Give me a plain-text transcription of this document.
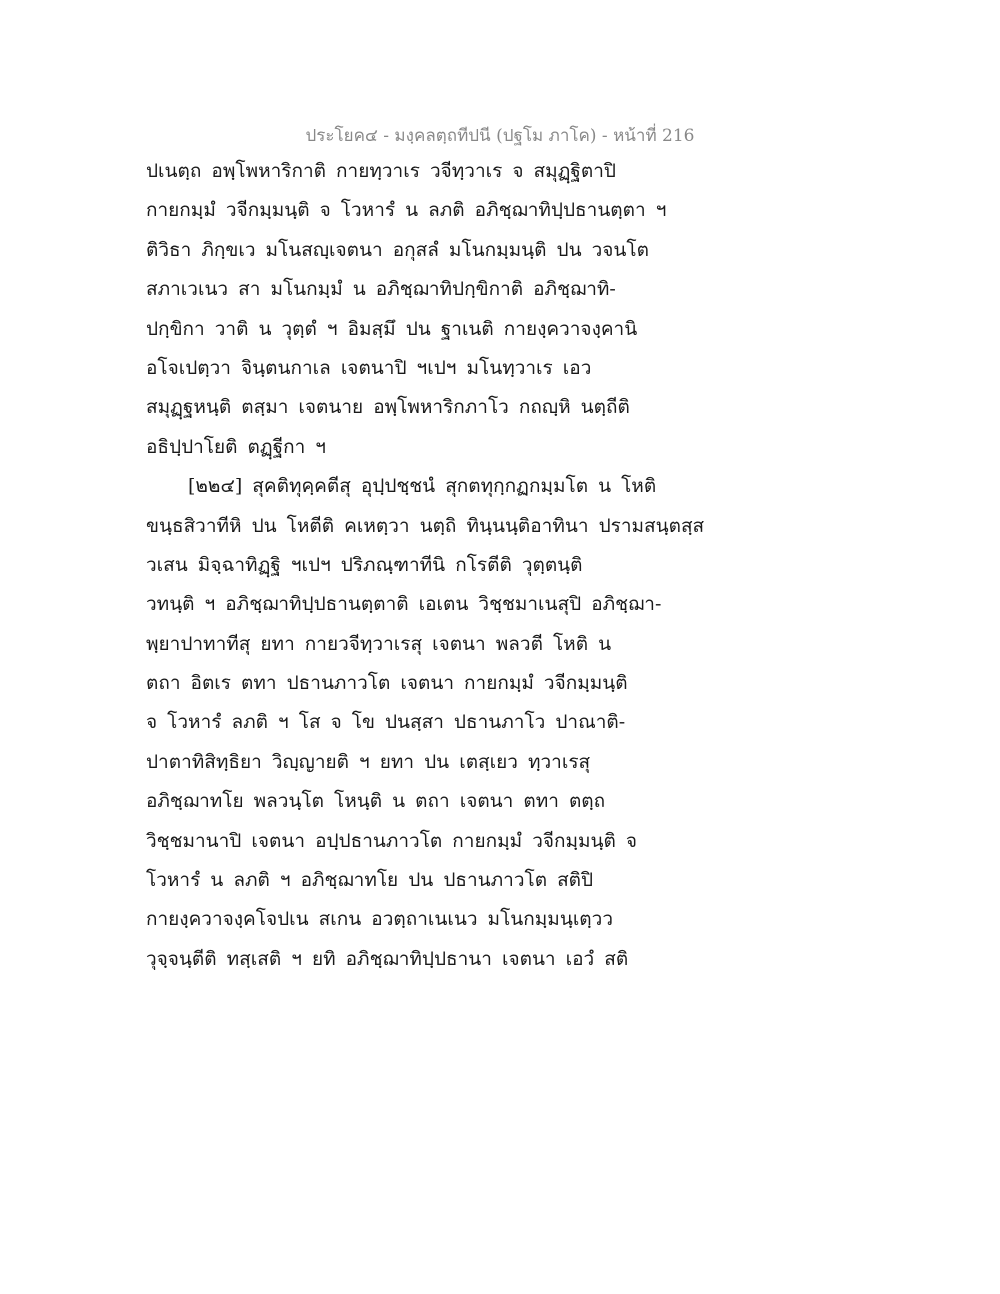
ประโยค๔ - มงฺคลตฺถทีปนี (ปฐโม ภาโค) - หน้าที่ 216
ปเนตฺถ อพฺโพหาริกาติ กายทฺวาเร วจีทฺวาเร จ สมุฏฺฐิตาปิ
กายกมฺมํ วจีกมฺมนฺติ จ โวหารํ น ลภติ อภิชฺฌาทิปฺปธานตฺตา ฯ
ติวิธา ภิกฺขเว มโนสญฺเจตนา อกุสลํ มโนกมฺมนฺติ ปน วจนโต
สภาเวเนว สา มโนกมฺมํ น อภิชฺฌาทิปกฺขิกาติ อภิชฺฌาทิ-
ปกฺขิกา วาติ น วุตฺตํ ฯ อิมสฺมึ ปน ฐาเนติ กายงฺควาจงฺคานิ
อโจเปตฺวา จินฺตนกาเล เจตนาปิ ฯเปฯ มโนทฺวาเร เอว
สมุฏฺฐหนฺติ ตสฺมา เจตนาย อพฺโพหาริกภาโว กถญฺหิ นตฺถีติ
อธิปฺปาโยติ ตฏฺฐีกา ฯ
[๒๒๔] สุคติทุคฺคตีสุ อุปฺปชฺชนํ สุกตทุกฺกฏกมฺมโต น โหติ
ขนฺธสิวาทีหิ ปน โหตีติ คเหตฺวา นตฺถิ ทินฺนนฺติอาทินา ปรามสนฺตสฺส
วเสน มิจฺฉาทิฏฺฐิ ฯเปฯ ปริภณฺฑาทีนิ กโรตีติ วุตฺตนฺติ
วทนฺติ ฯ อภิชฺฌาทิปฺปธานตฺตาติ เอเตน วิชฺชมาเนสุปิ อภิชฺฌา-
พฺยาปาทาทีสุ ยทา กายวจีทฺวาเรสุ เจตนา พลวตี โหติ น
ตถา อิตเร ตทา ปธานภาวโต เจตนา กายกมฺมํ วจีกมฺมนฺติ
จ โวหารํ ลภติ ฯ โส จ โข ปนสฺสา ปธานภาโว ปาณาติ-
ปาตาทิสิทฺธิยา วิญฺญายติ ฯ ยทา ปน เตสฺเยว ทฺวาเรสุ
อภิชฺฌาทโย พลวนฺโต โหนฺติ น ตถา เจตนา ตทา ตตฺถ
วิชฺชมานาปิ เจตนา อปฺปธานภาวโต กายกมฺมํ วจีกมฺมนฺติ จ
โวหารํ น ลภติ ฯ อภิชฺฌาทโย ปน ปธานภาวโต สติปิ
กายงฺควาจงฺคโจปเน สเกน อวตฺถาเนเนว มโนกมฺมนฺเตฺวว
วุจฺจนฺตีติ ทสฺเสติ ฯ ยทิ อภิชฺฌาทิปฺปธานา เจตนา เอวํ สติ
